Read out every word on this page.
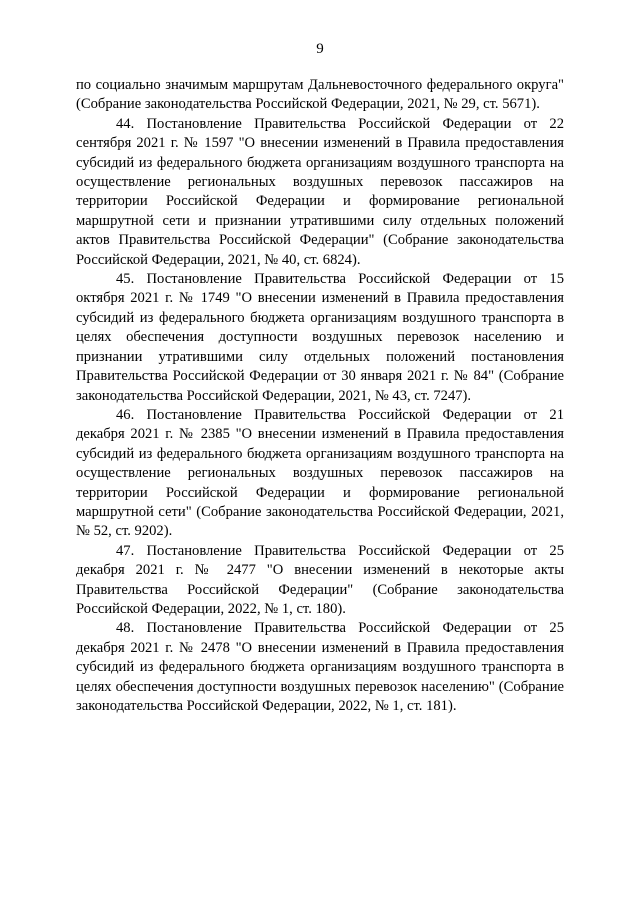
9

по социально значимым маршрутам Дальневосточного федерального округа" (Собрание законодательства Российской Федерации, 2021, № 29, ст. 5671).

44. Постановление Правительства Российской Федерации от 22 сентября 2021 г. № 1597 "О внесении изменений в Правила предоставления субсидий из федерального бюджета организациям воздушного транспорта на осуществление региональных воздушных перевозок пассажиров на территории Российской Федерации и формирование региональной маршрутной сети и признании утратившими силу отдельных положений актов Правительства Российской Федерации" (Собрание законодательства Российской Федерации, 2021, № 40, ст. 6824).

45. Постановление Правительства Российской Федерации от 15 октября 2021 г. № 1749 "О внесении изменений в Правила предоставления субсидий из федерального бюджета организациям воздушного транспорта в целях обеспечения доступности воздушных перевозок населению и признании утратившими силу отдельных положений постановления Правительства Российской Федерации от 30 января 2021 г. № 84" (Собрание законодательства Российской Федерации, 2021, № 43, ст. 7247).

46. Постановление Правительства Российской Федерации от 21 декабря 2021 г. № 2385 "О внесении изменений в Правила предоставления субсидий из федерального бюджета организациям воздушного транспорта на осуществление региональных воздушных перевозок пассажиров на территории Российской Федерации и формирование региональной маршрутной сети" (Собрание законодательства Российской Федерации, 2021, № 52, ст. 9202).

47. Постановление Правительства Российской Федерации от 25 декабря 2021 г. № 2477 "О внесении изменений в некоторые акты Правительства Российской Федерации" (Собрание законодательства Российской Федерации, 2022, № 1, ст. 180).

48. Постановление Правительства Российской Федерации от 25 декабря 2021 г. № 2478 "О внесении изменений в Правила предоставления субсидий из федерального бюджета организациям воздушного транспорта в целях обеспечения доступности воздушных перевозок населению" (Собрание законодательства Российской Федерации, 2022, № 1, ст. 181).
